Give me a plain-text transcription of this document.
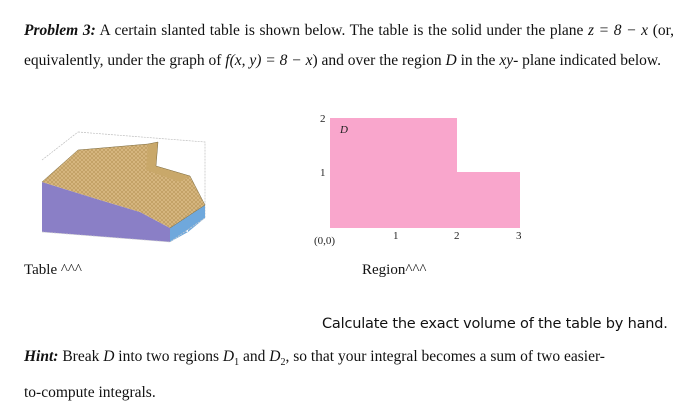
Problem 3: A certain slanted table is shown below. The table is the solid under the plane z = 8 − x (or, equivalently, under the graph of f(x, y) = 8 − x) and over the region D in the xy- plane indicated below.
Table ^^^
D
2
1
(0,0)	1	2	3
Region^^^
Calculate the exact volume of the table by hand.
Hint: Break D into two regions $D_1$ and $D_2$, so that your integral becomes a sum of two easier-
to-compute integrals.
